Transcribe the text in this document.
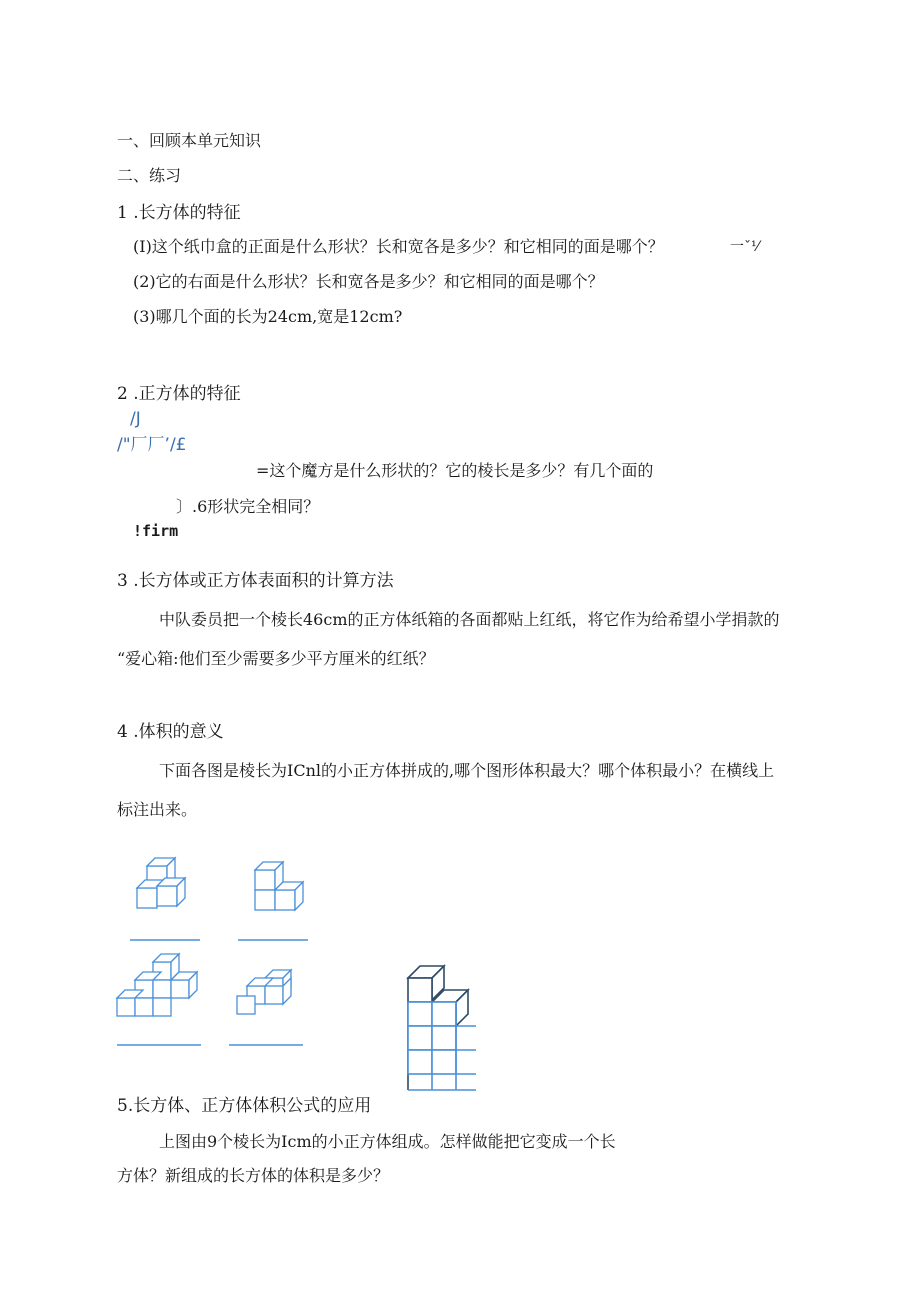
一、回顾本单元知识
二、练习
1 .长方体的特征
(I)这个纸巾盒的正面是什么形状？长和宽各是多少？和它相同的面是哪个？	一ˇ⅟
(2)它的右面是什么形状？长和宽各是多少？和它相同的面是哪个？
(3)哪几个面的长为24cm,宽是12cm?
2 .正方体的特征
/J
/"厂厂’/£
=这个魔方是什么形状的？它的棱长是多少？有几个面的
〕.6形状完全相同？
!firm
3 .长方体或正方体表面积的计算方法
中队委员把一个棱长46cm的正方体纸箱的各面都贴上红纸，将它作为给希望小学捐款的
“爱心箱:他们至少需要多少平方厘米的红纸？
4 .体积的意义
下面各图是棱长为ICnl的小正方体拼成的,哪个图形体积最大？哪个体积最小？在横线上
标注出来。
5.长方体、正方体体积公式的应用
上图由9个棱长为Icm的小正方体组成。怎样做能把它变成一个长
方体？新组成的长方体的体积是多少？
